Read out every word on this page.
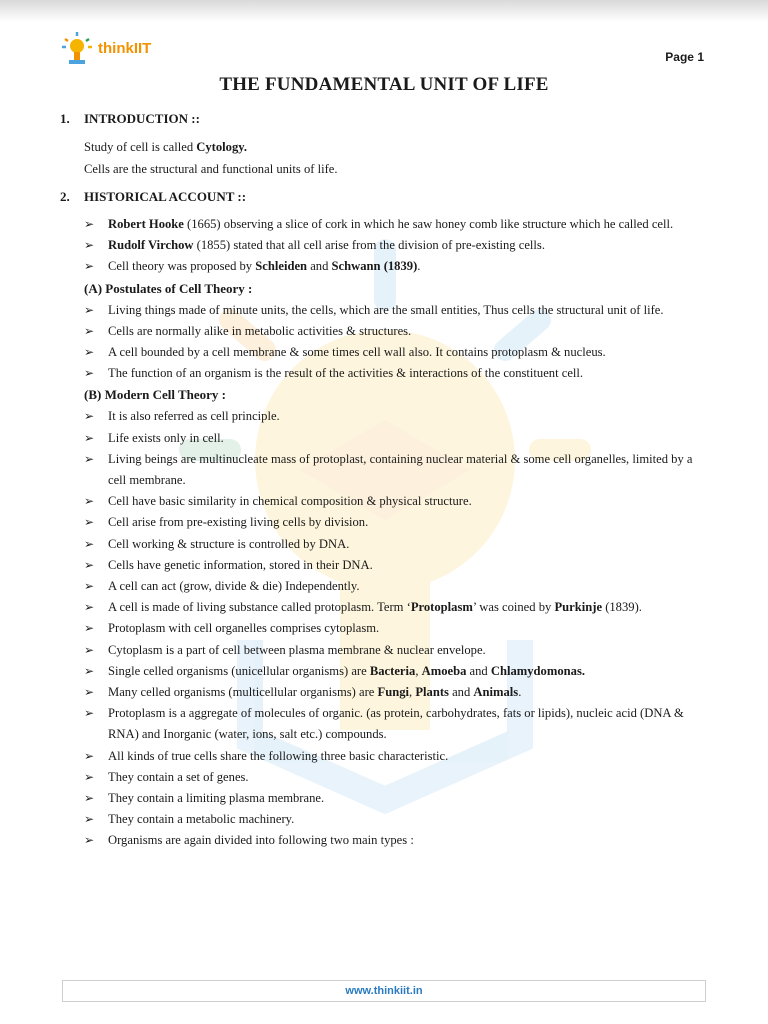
thinkIIT
Page 1
THE FUNDAMENTAL UNIT OF LIFE
1. INTRODUCTION ::
Study of cell is called Cytology.
Cells are the structural and functional units of life.
2. HISTORICAL ACCOUNT ::
➢ Robert Hooke (1665) observing a slice of cork in which he saw honey comb like structure which he called cell.
➢ Rudolf Virchow (1855) stated that all cell arise from the division of pre-existing cells.
➢ Cell theory was proposed by Schleiden and Schwann (1839).
(A) Postulates of Cell Theory :
➢ Living things made of minute units, the cells, which are the small entities, Thus cells the structural unit of life.
➢ Cells are normally alike in metabolic activities & structures.
➢ A cell bounded by a cell membrane & some times cell wall also. It contains protoplasm & nucleus.
➢ The function of an organism is the result of the activities & interactions of the constituent cell.
(B) Modern Cell Theory :
➢ It is also referred as cell principle.
➢ Life exists only in cell.
➢ Living beings are multinucleate mass of protoplast, containing nuclear material & some cell organelles, limited by a cell membrane.
➢ Cell have basic similarity in chemical composition & physical structure.
➢ Cell arise from pre-existing living cells by division.
➢ Cell working & structure is controlled by DNA.
➢ Cells have genetic information, stored in their DNA.
➢ A cell can act (grow, divide & die) Independently.
➢ A cell is made of living substance called protoplasm. Term ‘Protoplasm’ was coined by Purkinje (1839).
➢ Protoplasm with cell organelles comprises cytoplasm.
➢ Cytoplasm is a part of cell between plasma membrane & nuclear envelope.
➢ Single celled organisms (unicellular organisms) are Bacteria, Amoeba and Chlamydomonas.
➢ Many celled organisms (multicellular organisms) are Fungi, Plants and Animals.
➢ Protoplasm is a aggregate of molecules of organic. (as protein, carbohydrates, fats or lipids), nucleic acid (DNA & RNA) and Inorganic (water, ions, salt etc.) compounds.
➢ All kinds of true cells share the following three basic characteristic.
➢ They contain a set of genes.
➢ They contain a limiting plasma membrane.
➢ They contain a metabolic machinery.
➢ Organisms are again divided into following two main types :
www.thinkiit.in
